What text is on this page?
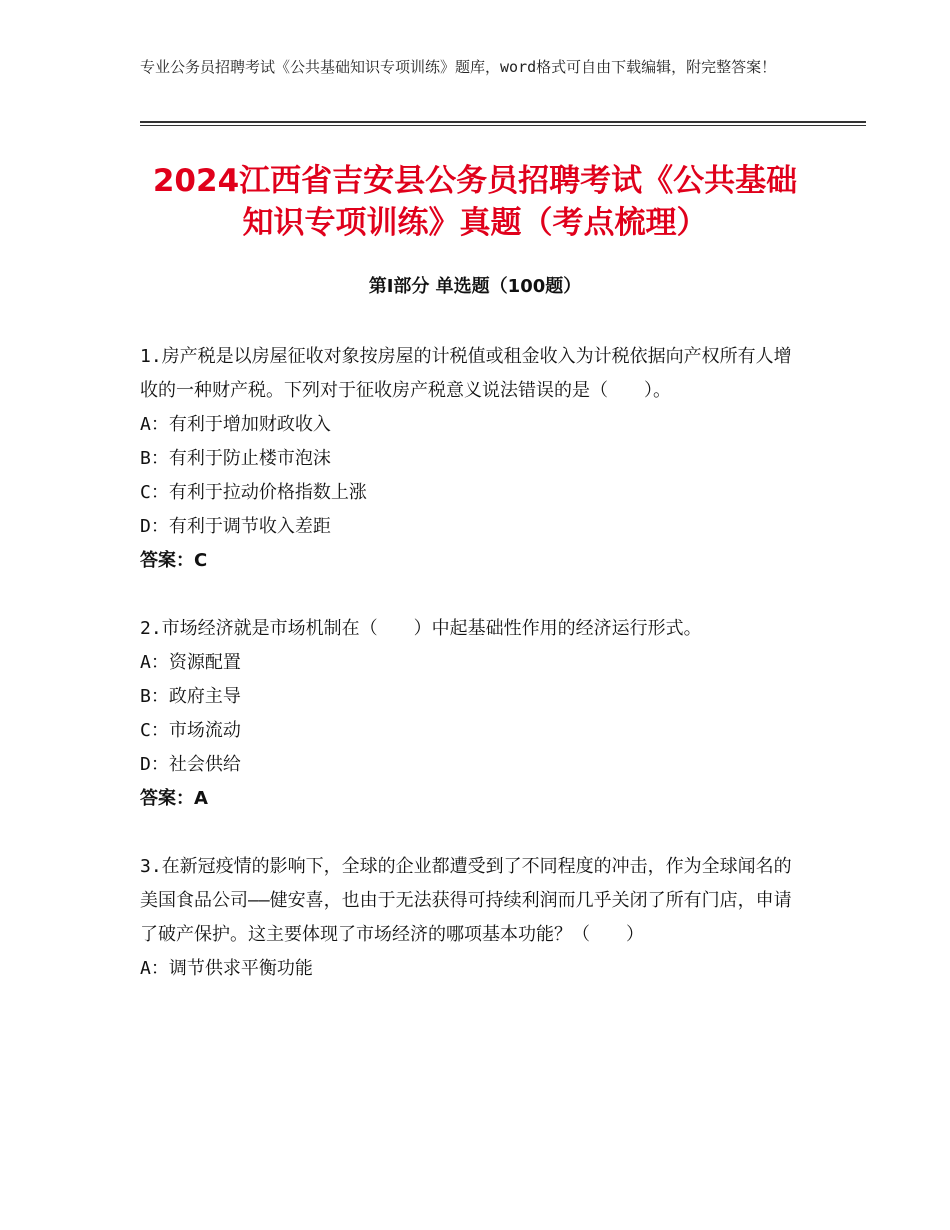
专业公务员招聘考试《公共基础知识专项训练》题库，word格式可自由下载编辑，附完整答案！
2024江西省吉安县公务员招聘考试《公共基础知识专项训练》真题（考点梳理）
第Ⅰ部分 单选题（100题）

1.房产税是以房屋征收对象按房屋的计税值或租金收入为计税依据向产权所有人增收的一种财产税。下列对于征收房产税意义说法错误的是（　　）。

A：有利于增加财政收入

B：有利于防止楼市泡沫

C：有利于拉动价格指数上涨

D：有利于调节收入差距

答案：C

2.市场经济就是市场机制在（　　）中起基础性作用的经济运行形式。

A：资源配置

B：政府主导

C：市场流动

D：社会供给

答案：A

3.在新冠疫情的影响下，全球的企业都遭受到了不同程度的冲击，作为全球闻名的美国食品公司——健安喜，也由于无法获得可持续利润而几乎关闭了所有门店，申请了破产保护。这主要体现了市场经济的哪项基本功能？（　　）

A：调节供求平衡功能
